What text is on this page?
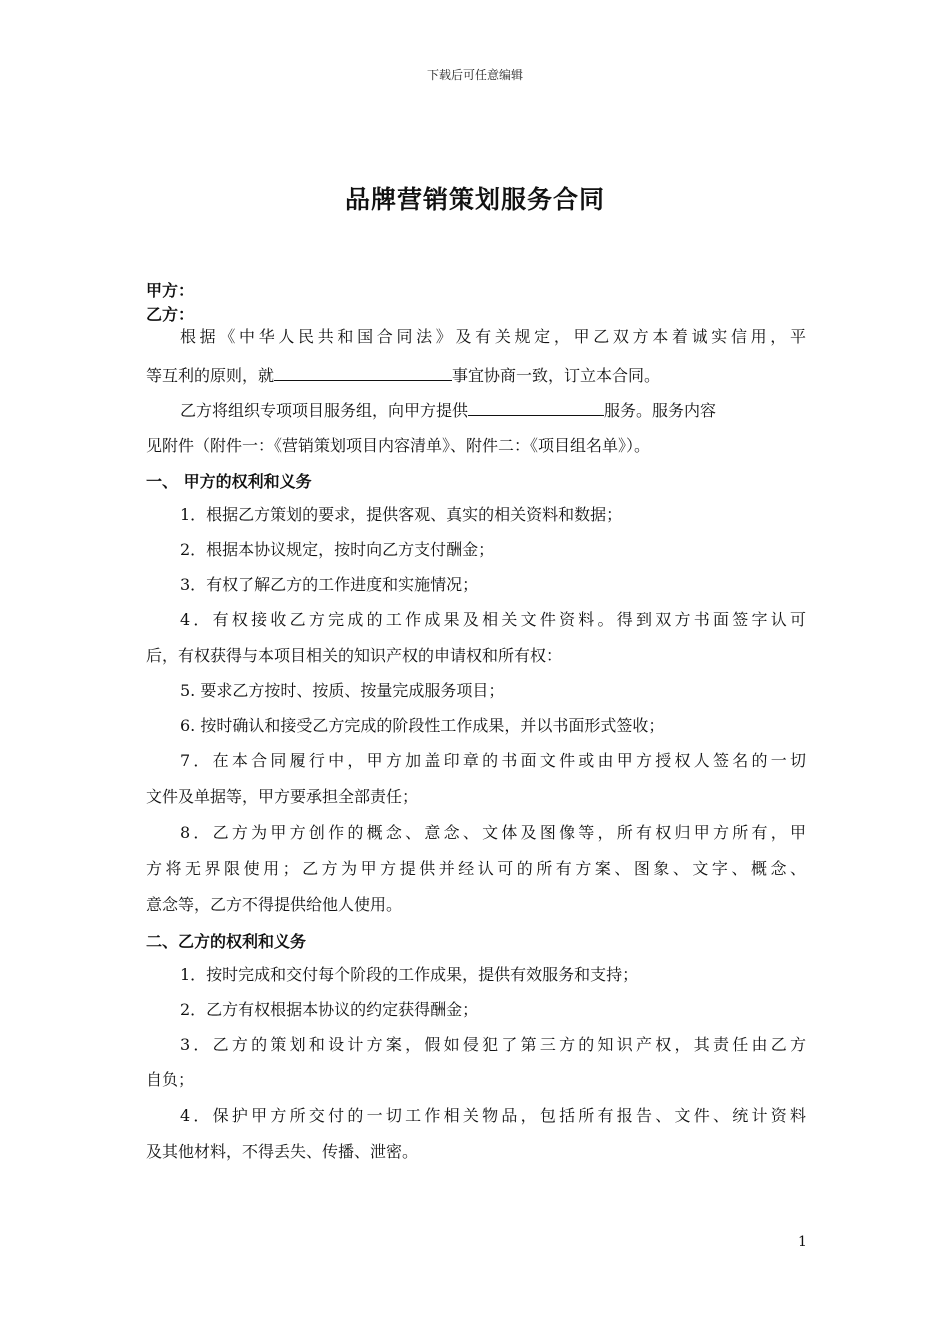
下载后可任意编辑
品牌营销策划服务合同
甲方：
乙方：
根据《中华人民共和国合同法》及有关规定，甲乙双方本着诚实信用，平
等互利的原则，就	事宜协商一致，订立本合同。
乙方将组织专项项目服务组，向甲方提供	服务。服务内容
见附件（附件一：《营销策划项目内容清单》、附件二：《项目组名单》）。
一、 甲方的权利和义务
1．根据乙方策划的要求，提供客观、真实的相关资料和数据；
2．根据本协议规定，按时向乙方支付酬金；
3．有权了解乙方的工作进度和实施情况；
4．有权接收乙方完成的工作成果及相关文件资料。得到双方书面签字认可
后，有权获得与本项目相关的知识产权的申请权和所有权：
5. 要求乙方按时、按质、按量完成服务项目；
6. 按时确认和接受乙方完成的阶段性工作成果，并以书面形式签收；
7．在本合同履行中，甲方加盖印章的书面文件或由甲方授权人签名的一切
文件及单据等，甲方要承担全部责任；
8．乙方为甲方创作的概念、意念、文体及图像等，所有权归甲方所有，甲
方将无界限使用；乙方为甲方提供并经认可的所有方案、图象、文字、概念、
意念等，乙方不得提供给他人使用。
二、乙方的权利和义务
1．按时完成和交付每个阶段的工作成果，提供有效服务和支持；
2．乙方有权根据本协议的约定获得酬金；
3．乙方的策划和设计方案，假如侵犯了第三方的知识产权，其责任由乙方
自负；
4．保护甲方所交付的一切工作相关物品，包括所有报告、文件、统计资料
及其他材料，不得丢失、传播、泄密。
1
